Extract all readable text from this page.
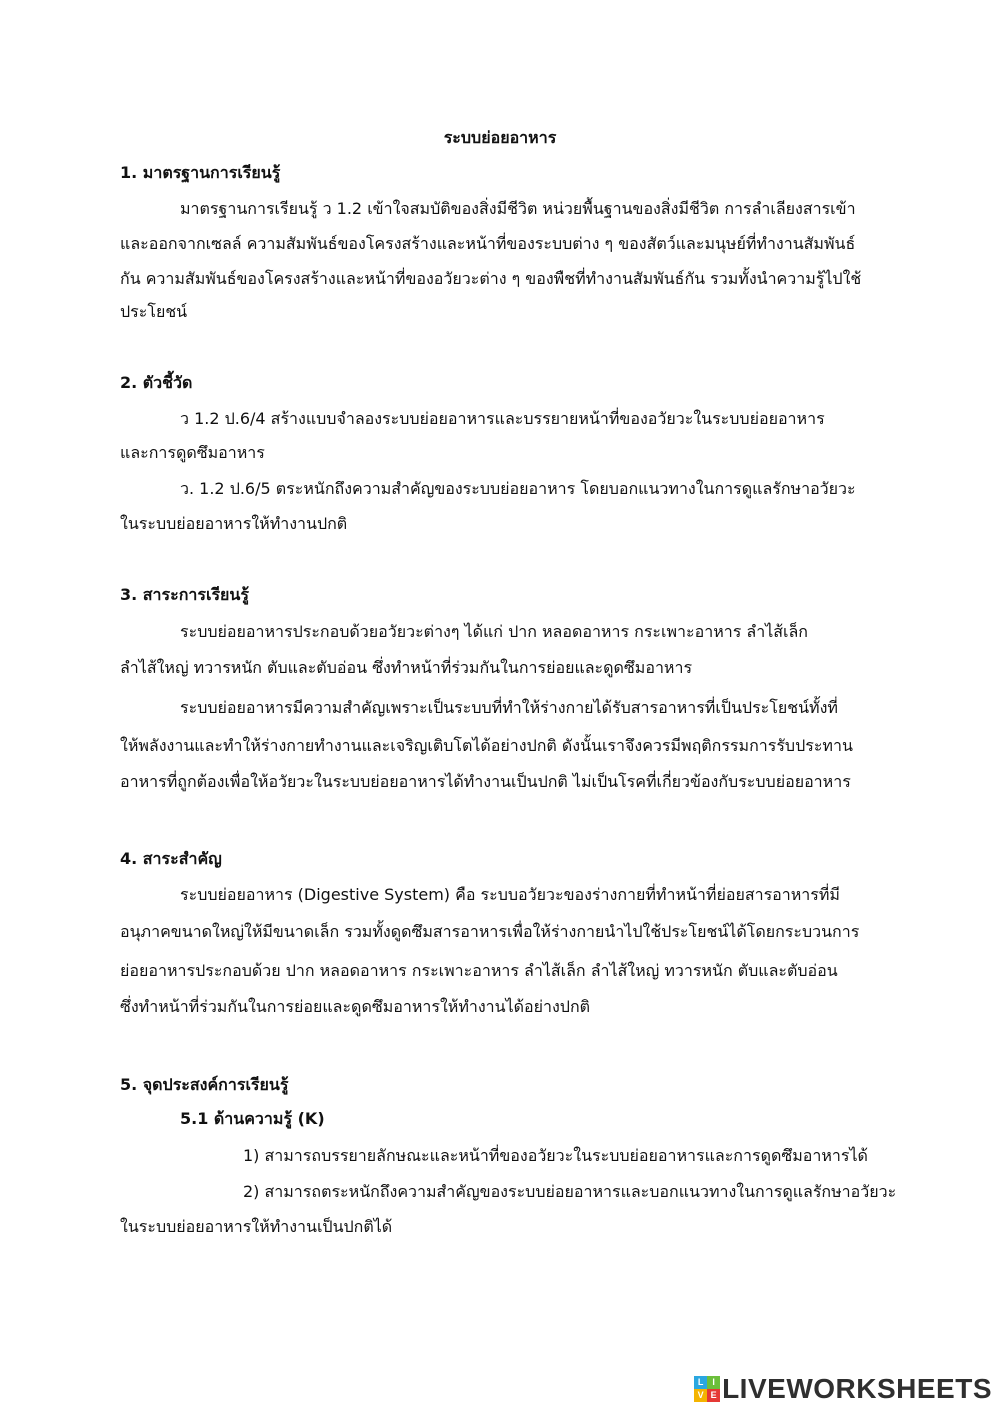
ระบบย่อยอาหาร
1. มาตรฐานการเรียนรู้
มาตรฐานการเรียนรู้ ว 1.2 เข้าใจสมบัติของสิ่งมีชีวิต หน่วยพื้นฐานของสิ่งมีชีวิต การลำเลียงสารเข้า
และออกจากเซลล์ ความสัมพันธ์ของโครงสร้างและหน้าที่ของระบบต่าง ๆ ของสัตว์และมนุษย์ที่ทำงานสัมพันธ์
กัน ความสัมพันธ์ของโครงสร้างและหน้าที่ของอวัยวะต่าง ๆ ของพืชที่ทำงานสัมพันธ์กัน รวมทั้งนำความรู้ไปใช้
ประโยชน์
2. ตัวชี้วัด
ว 1.2 ป.6/4 สร้างแบบจำลองระบบย่อยอาหารและบรรยายหน้าที่ของอวัยวะในระบบย่อยอาหาร
และการดูดซึมอาหาร
ว. 1.2 ป.6/5 ตระหนักถึงความสำคัญของระบบย่อยอาหาร โดยบอกแนวทางในการดูแลรักษาอวัยวะ
ในระบบย่อยอาหารให้ทำงานปกติ
3. สาระการเรียนรู้
ระบบย่อยอาหารประกอบด้วยอวัยวะต่างๆ ได้แก่ ปาก หลอดอาหาร กระเพาะอาหาร ลำไส้เล็ก
ลำไส้ใหญ่ ทวารหนัก ตับและตับอ่อน ซึ่งทำหน้าที่ร่วมกันในการย่อยและดูดซึมอาหาร
ระบบย่อยอาหารมีความสำคัญเพราะเป็นระบบที่ทำให้ร่างกายได้รับสารอาหารที่เป็นประโยชน์ทั้งที่
ให้พลังงานและทำให้ร่างกายทำงานและเจริญเติบโตได้อย่างปกติ ดังนั้นเราจึงควรมีพฤติกรรมการรับประทาน
อาหารที่ถูกต้องเพื่อให้อวัยวะในระบบย่อยอาหารได้ทำงานเป็นปกติ ไม่เป็นโรคที่เกี่ยวข้องกับระบบย่อยอาหาร
4. สาระสำคัญ
ระบบย่อยอาหาร (Digestive System) คือ ระบบอวัยวะของร่างกายที่ทำหน้าที่ย่อยสารอาหารที่มี
อนุภาคขนาดใหญ่ให้มีขนาดเล็ก รวมทั้งดูดซึมสารอาหารเพื่อให้ร่างกายนำไปใช้ประโยชน์ได้โดยกระบวนการ
ย่อยอาหารประกอบด้วย ปาก หลอดอาหาร กระเพาะอาหาร ลำไส้เล็ก ลำไส้ใหญ่ ทวารหนัก ตับและตับอ่อน
ซึ่งทำหน้าที่ร่วมกันในการย่อยและดูดซึมอาหารให้ทำงานได้อย่างปกติ
5. จุดประสงค์การเรียนรู้
5.1 ด้านความรู้ (K)
1) สามารถบรรยายลักษณะและหน้าที่ของอวัยวะในระบบย่อยอาหารและการดูดซึมอาหารได้
2) สามารถตระหนักถึงความสำคัญของระบบย่อยอาหารและบอกแนวทางในการดูแลรักษาอวัยวะ
ในระบบย่อยอาหารให้ทำงานเป็นปกติได้
L I
V E LIVEWORKSHEETS
